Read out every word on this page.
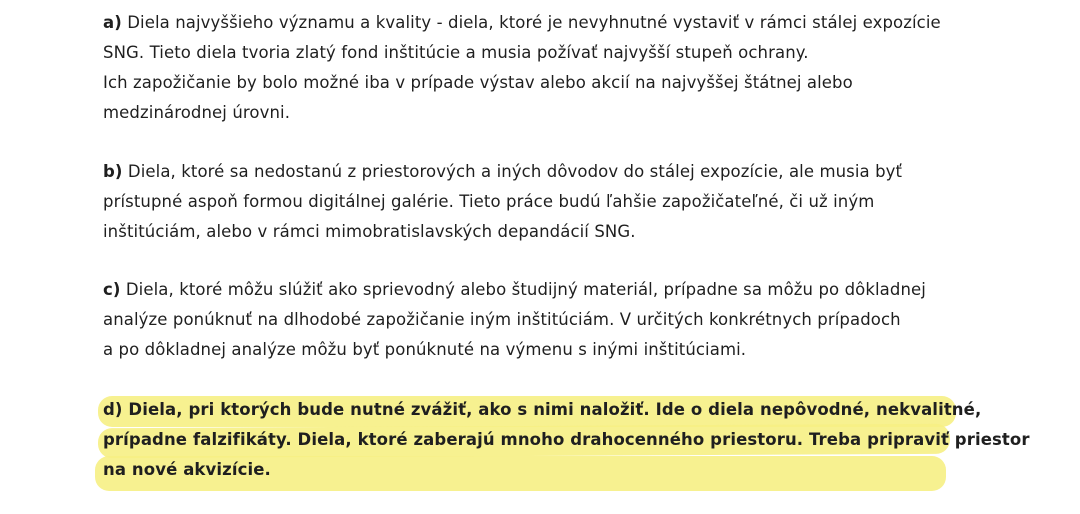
a) Diela najvyššieho významu a kvality - diela, ktoré je nevyhnutné vystaviť v rámci stálej expozície
SNG. Tieto diela tvoria zlatý fond inštitúcie a musia požívať najvyšší stupeň ochrany.
Ich zapožičanie by bolo možné iba v prípade výstav alebo akcií na najvyššej štátnej alebo
medzinárodnej úrovni.
b) Diela, ktoré sa nedostanú z priestorových a iných dôvodov do stálej expozície, ale musia byť
prístupné aspoň formou digitálnej galérie. Tieto práce budú ľahšie zapožičateľné, či už iným
inštitúciám, alebo v rámci mimobratislavských depandácií SNG.
c) Diela, ktoré môžu slúžiť ako sprievodný alebo študijný materiál, prípadne sa môžu po dôkladnej
analýze ponúknuť na dlhodobé zapožičanie iným inštitúciám. V určitých konkrétnych prípadoch
a po dôkladnej analýze môžu byť ponúknuté na výmenu s inými inštitúciami.
d) Diela, pri ktorých bude nutné zvážiť, ako s nimi naložiť. Ide o diela nepôvodné, nekvalitné,
prípadne falzifikáty. Diela, ktoré zaberajú mnoho drahocenného priestoru. Treba pripraviť priestor
na nové akvizície.
